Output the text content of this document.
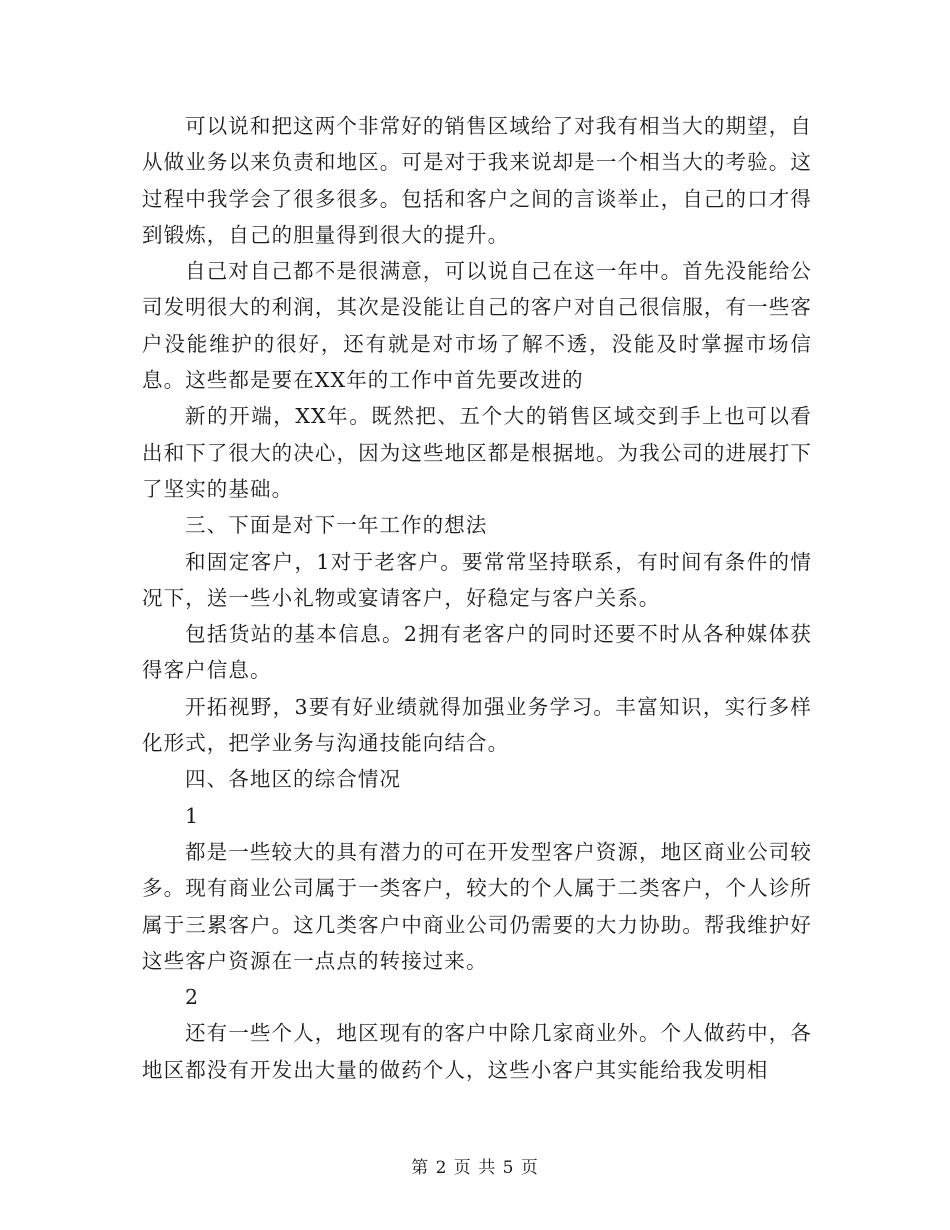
可以说和把这两个非常好的销售区域给了对我有相当大的期望，自从做业务以来负责和地区。可是对于我来说却是一个相当大的考验。这过程中我学会了很多很多。包括和客户之间的言谈举止，自己的口才得到锻炼，自己的胆量得到很大的提升。

自己对自己都不是很满意，可以说自己在这一年中。首先没能给公司发明很大的利润，其次是没能让自己的客户对自己很信服，有一些客户没能维护的很好，还有就是对市场了解不透，没能及时掌握市场信息。这些都是要在XX年的工作中首先要改进的

新的开端，XX年。既然把、五个大的销售区域交到手上也可以看出和下了很大的决心，因为这些地区都是根据地。为我公司的进展打下了坚实的基础。

三、下面是对下一年工作的想法

和固定客户，1对于老客户。要常常坚持联系，有时间有条件的情况下，送一些小礼物或宴请客户，好稳定与客户关系。

包括货站的基本信息。2拥有老客户的同时还要不时从各种媒体获得客户信息。

开拓视野，3要有好业绩就得加强业务学习。丰富知识，实行多样化形式，把学业务与沟通技能向结合。

四、各地区的综合情况

1

都是一些较大的具有潜力的可在开发型客户资源，地区商业公司较多。现有商业公司属于一类客户，较大的个人属于二类客户，个人诊所属于三累客户。这几类客户中商业公司仍需要的大力协助。帮我维护好这些客户资源在一点点的转接过来。

2

还有一些个人，地区现有的客户中除几家商业外。个人做药中，各地区都没有开发出大量的做药个人，这些小客户其实能给我发明相

第 2 页 共 5 页
